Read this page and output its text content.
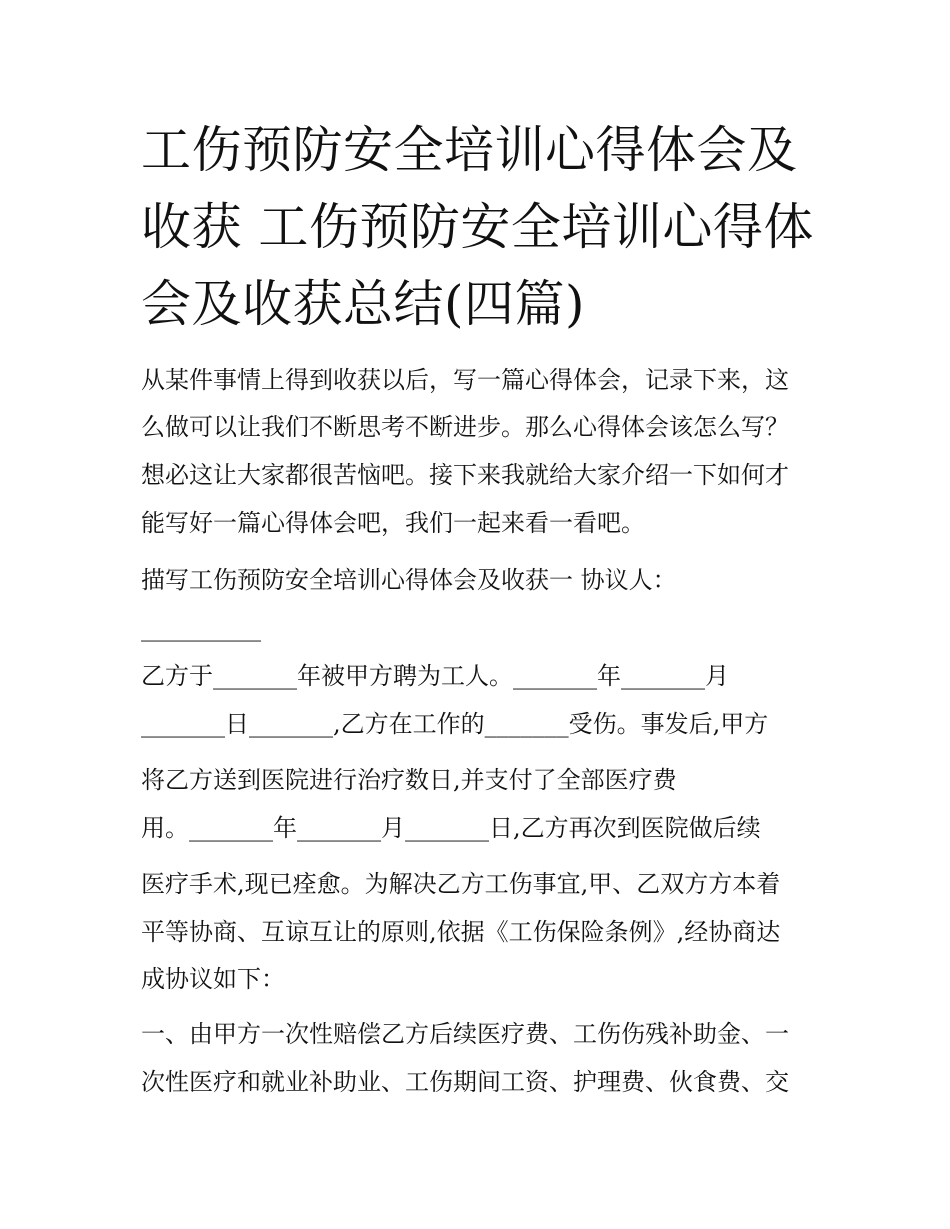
工伤预防安全培训心得体会及收获 工伤预防安全培训心得体会及收获总结(四篇)

从某件事情上得到收获以后，写一篇心得体会，记录下来，这

么做可以让我们不断思考不断进步。那么心得体会该怎么写？

想必这让大家都很苦恼吧。接下来我就给大家介绍一下如何才

能写好一篇心得体会吧，我们一起来看一看吧。

描写工伤预防安全培训心得体会及收获一 协议人：

__________

乙方于_______年被甲方聘为工人。_______年_______月

_______日_______,乙方在工作的_______受伤。事发后,甲方

将乙方送到医院进行治疗数日,并支付了全部医疗费

用。_______年_______月_______日,乙方再次到医院做后续

医疗手术,现已痊愈。为解决乙方工伤事宜,甲、乙双方方本着

平等协商、互谅互让的原则,依据《工伤保险条例》,经协商达

成协议如下：

一、由甲方一次性赔偿乙方后续医疗费、工伤伤残补助金、一

次性医疗和就业补助业、工伤期间工资、护理费、伙食费、交
